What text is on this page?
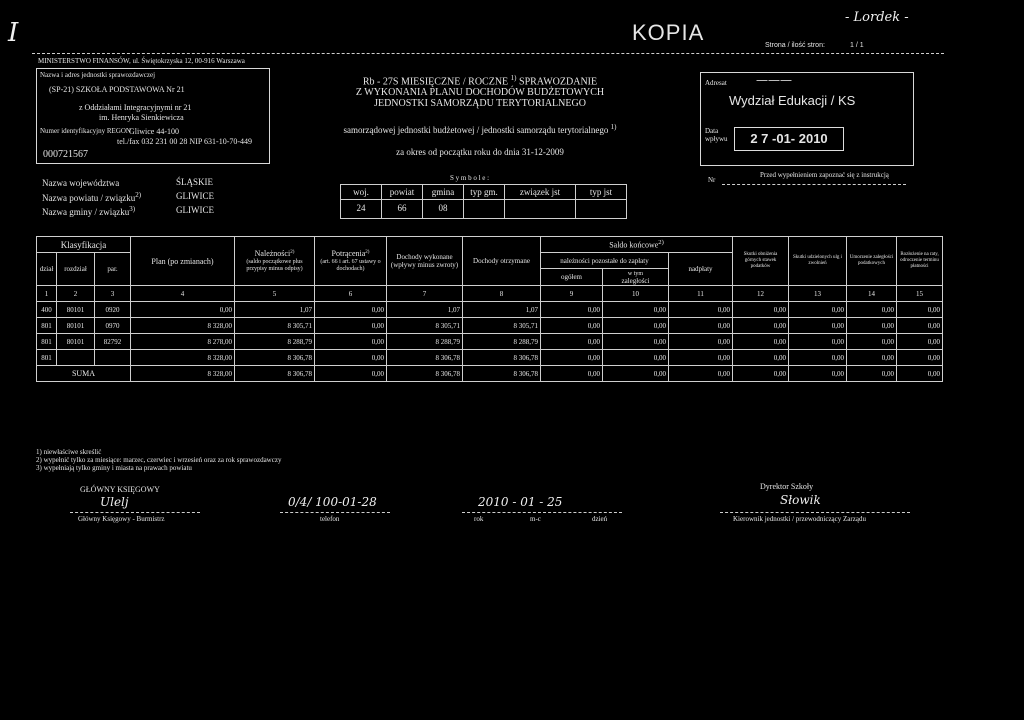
I	KOPIA
- Lordek -
Strona / ilość stron:	1 / 1
MINISTERSTWO FINANSÓW, ul. Świętokrzyska 12, 00-916 Warszawa
Nazwa i adres jednostki sprawozdawczej
(SP-21) SZKOŁA PODSTAWOWA Nr 21
z Oddziałami Integracyjnymi nr 21
im. Henryka Sienkiewicza
Numer identyfikacyjny REGON
Gliwice 44-100
tel./fax 032 231 00 28 NIP 631-10-70-449
000721567
Rb - 27S MIESIĘCZNE / ROCZNE $^{1)}$ SPRAWOZDANIE
Z WYKONANIA PLANU DOCHODÓW BUDŻETOWYCH
JEDNOSTKI SAMORZĄDU TERYTORIALNEGO
samorządowej jednostki budżetowej / jednostki samorządu terytorialnego $^{1)}$
za okres od początku roku do dnia 31-12-2009
Adresat ———
Wydział Edukacji / KS
Data wpływu	2 7 -01- 2010
Nr
Przed wypełnieniem zapoznać się z instrukcją
Nazwa województwa	ŚLĄSKIE
Nazwa powiatu / związku$^{2)}$	GLIWICE
Nazwa gminy / związku$^{3)}$	GLIWICE
S y m b o l e :
woj.	powiat	gmina	typ gm.	związek jst	typ jst
24	66	08
Klasyfikacja			Plan (po zmianach)	Należności$^{2)}$
(saldo początkowe plus przypisy minus odpisy)	Potrącenia$^{2)}$
(art. 66 i art. 67 ustawy o dochodach)	Dochody wykonane (wpływy minus zwroty)	Dochody otrzymane	Saldo końcowe$^{2)}$			Skutki obniżenia górnych stawek podatków	Skutki udzielonych ulg i zwolnień	Umorzenie zaległości podatkowych	Rozłożenie na raty, odroczenie terminu płatności
dział	rozdział	par.						należności pozostałe do zapłaty		nadpłaty				
								ogółem	w tym
zaległości					
1	2	3	4	5	6	7	8	9	10	11	12	13	14	15
400	80101	0920	0,00	1,07	0,00	1,07	1,07	0,00	0,00	0,00	0,00	0,00	0,00	0,00
801	80101	0970	8 328,00	8 305,71	0,00	8 305,71	8 305,71	0,00	0,00	0,00	0,00	0,00	0,00	0,00
801	80101	82792	8 278,00	8 288,79	0,00	8 288,79	8 288,79	0,00	0,00	0,00	0,00	0,00	0,00	0,00
801			8 328,00	8 306,78	0,00	8 306,78	8 306,78	0,00	0,00	0,00	0,00	0,00	0,00	0,00
SUMA			8 328,00	8 306,78	0,00	8 306,78	8 306,78	0,00	0,00	0,00	0,00	0,00	0,00	0,00
1) niewłaściwe skreślić
2) wypełnić tylko za miesiące: marzec, czerwiec i wrzesień oraz za rok sprawozdawczy
3) wypełniają tylko gminy i miasta na prawach powiatu
GŁÓWNY KSIĘGOWY
Ulelj
Główny Księgowy - Burmistrz
0/4/ 100-01-28
telefon
2010 - 01 - 25
rok	m-c	dzień
Dyrektor Szkoły
Słowik
Kierownik jednostki / przewodniczący Zarządu
